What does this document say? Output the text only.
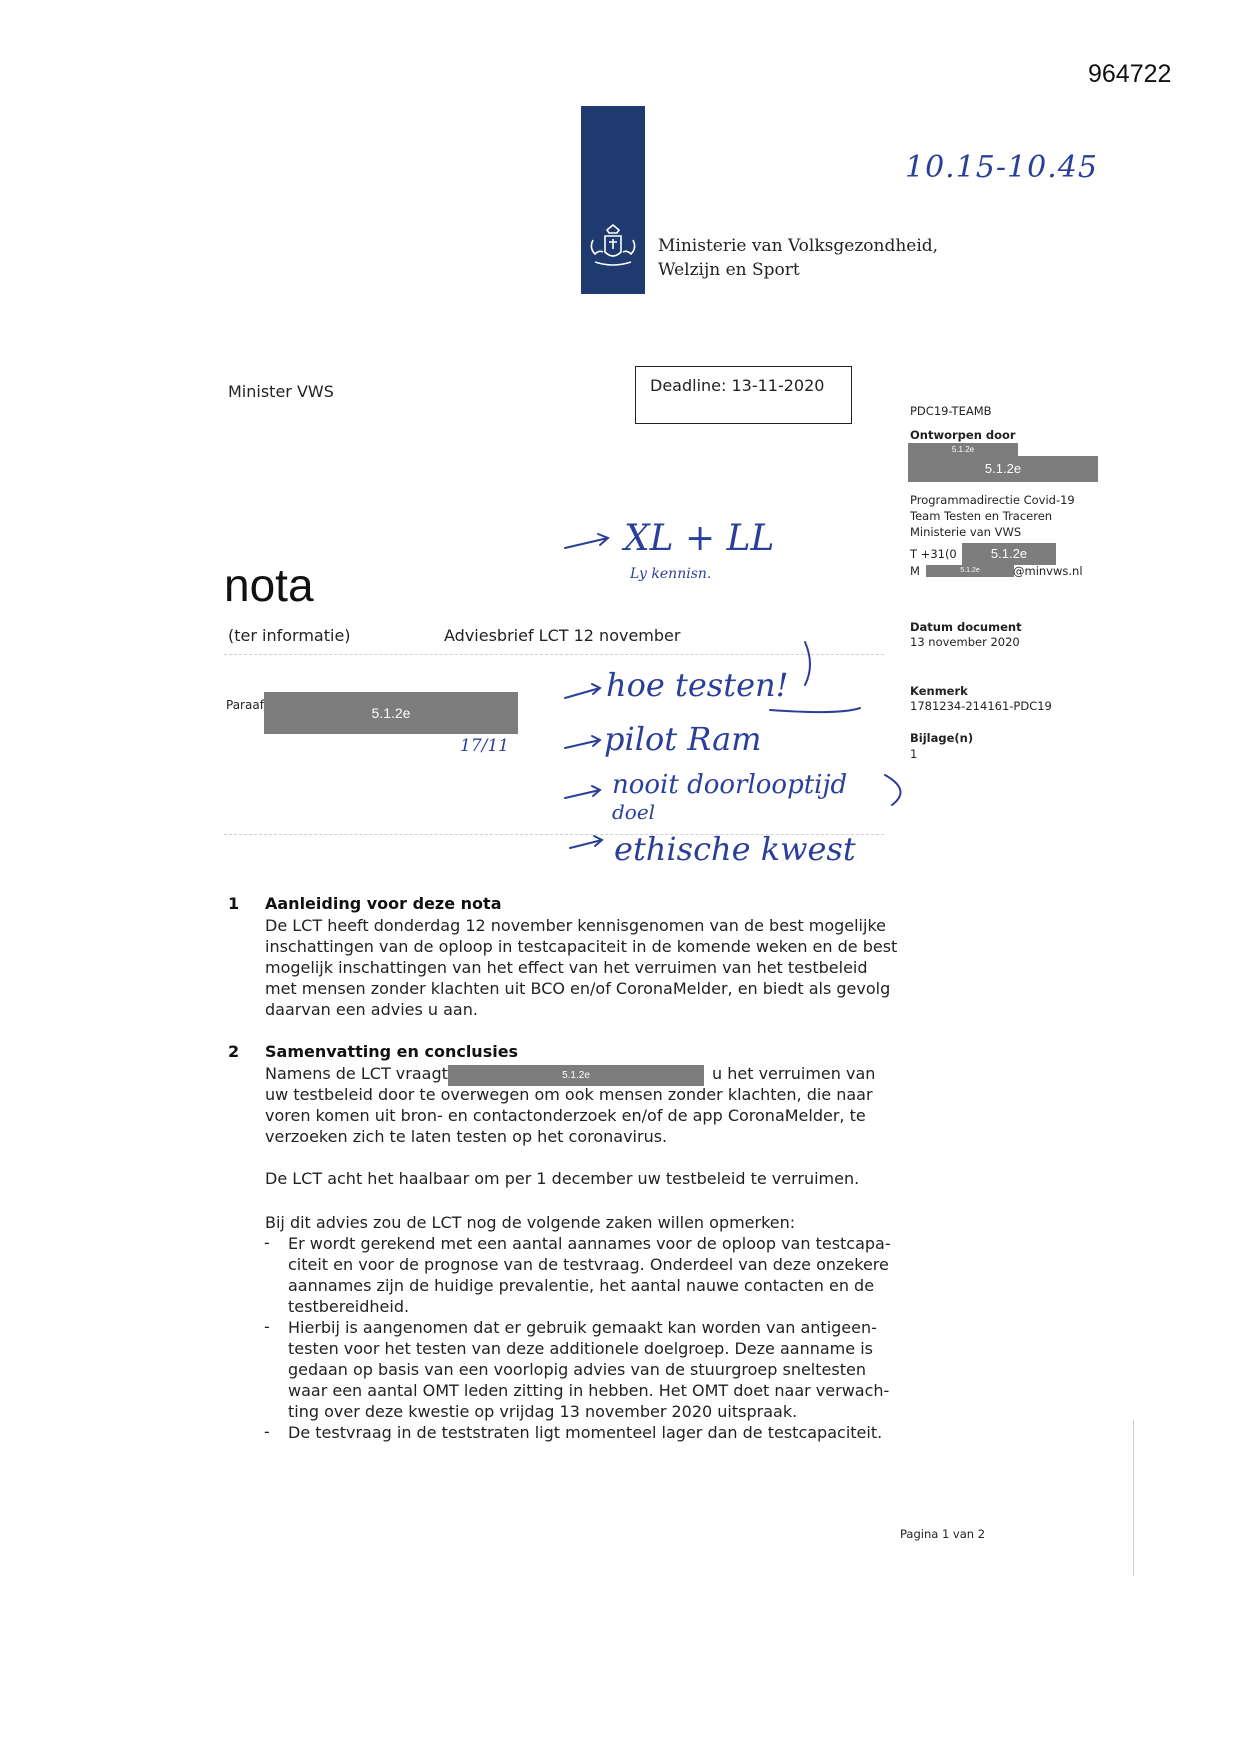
964722
Ministerie van Volksgezondheid,
Welzijn en Sport
10.15-10.45
Minister VWS	Deadline: 13-11-2020
PDC19-TEAMB
Ontworpen door
5.1.2e
5.1.2e
Programmadirectie Covid-19
Team Testen en Traceren
Ministerie van VWS
T +31(0	5.1.2e
M	5.1.2e	@minvws.nl
Datum document
13 november 2020
Kenmerk
1781234-214161-PDC19
Bijlage(n)
1
nota
(ter informatie)	Adviesbrief LCT 12 november
Paraaf	5.1.2e
17/11
XL + LL
Ly kennisn.
hoe testen!
pilot Ram
nooit doorlooptijd
doel
ethische kwest
1 Aanleiding voor deze nota
De LCT heeft donderdag 12 november kennisgenomen van de best mogelijke
inschattingen van de oploop in testcapaciteit in de komende weken en de best
mogelijk inschattingen van het effect van het verruimen van het testbeleid
met mensen zonder klachten uit BCO en/of CoronaMelder, en biedt als gevolg
daarvan een advies u aan.
2 Samenvatting en conclusies
Namens de LCT vraagt	5.1.2e	u het verruimen van
uw testbeleid door te overwegen om ook mensen zonder klachten, die naar
voren komen uit bron- en contactonderzoek en/of de app CoronaMelder, te
verzoeken zich te laten testen op het coronavirus.
De LCT acht het haalbaar om per 1 december uw testbeleid te verruimen.
Bij dit advies zou de LCT nog de volgende zaken willen opmerken:
- Er wordt gerekend met een aantal aannames voor de oploop van testcapa-
citeit en voor de prognose van de testvraag. Onderdeel van deze onzekere
aannames zijn de huidige prevalentie, het aantal nauwe contacten en de
testbereidheid.
- Hierbij is aangenomen dat er gebruik gemaakt kan worden van antigeen-
testen voor het testen van deze additionele doelgroep. Deze aanname is
gedaan op basis van een voorlopig advies van de stuurgroep sneltesten
waar een aantal OMT leden zitting in hebben. Het OMT doet naar verwach-
ting over deze kwestie op vrijdag 13 november 2020 uitspraak.
- De testvraag in de teststraten ligt momenteel lager dan de testcapaciteit.
Pagina 1 van 2
